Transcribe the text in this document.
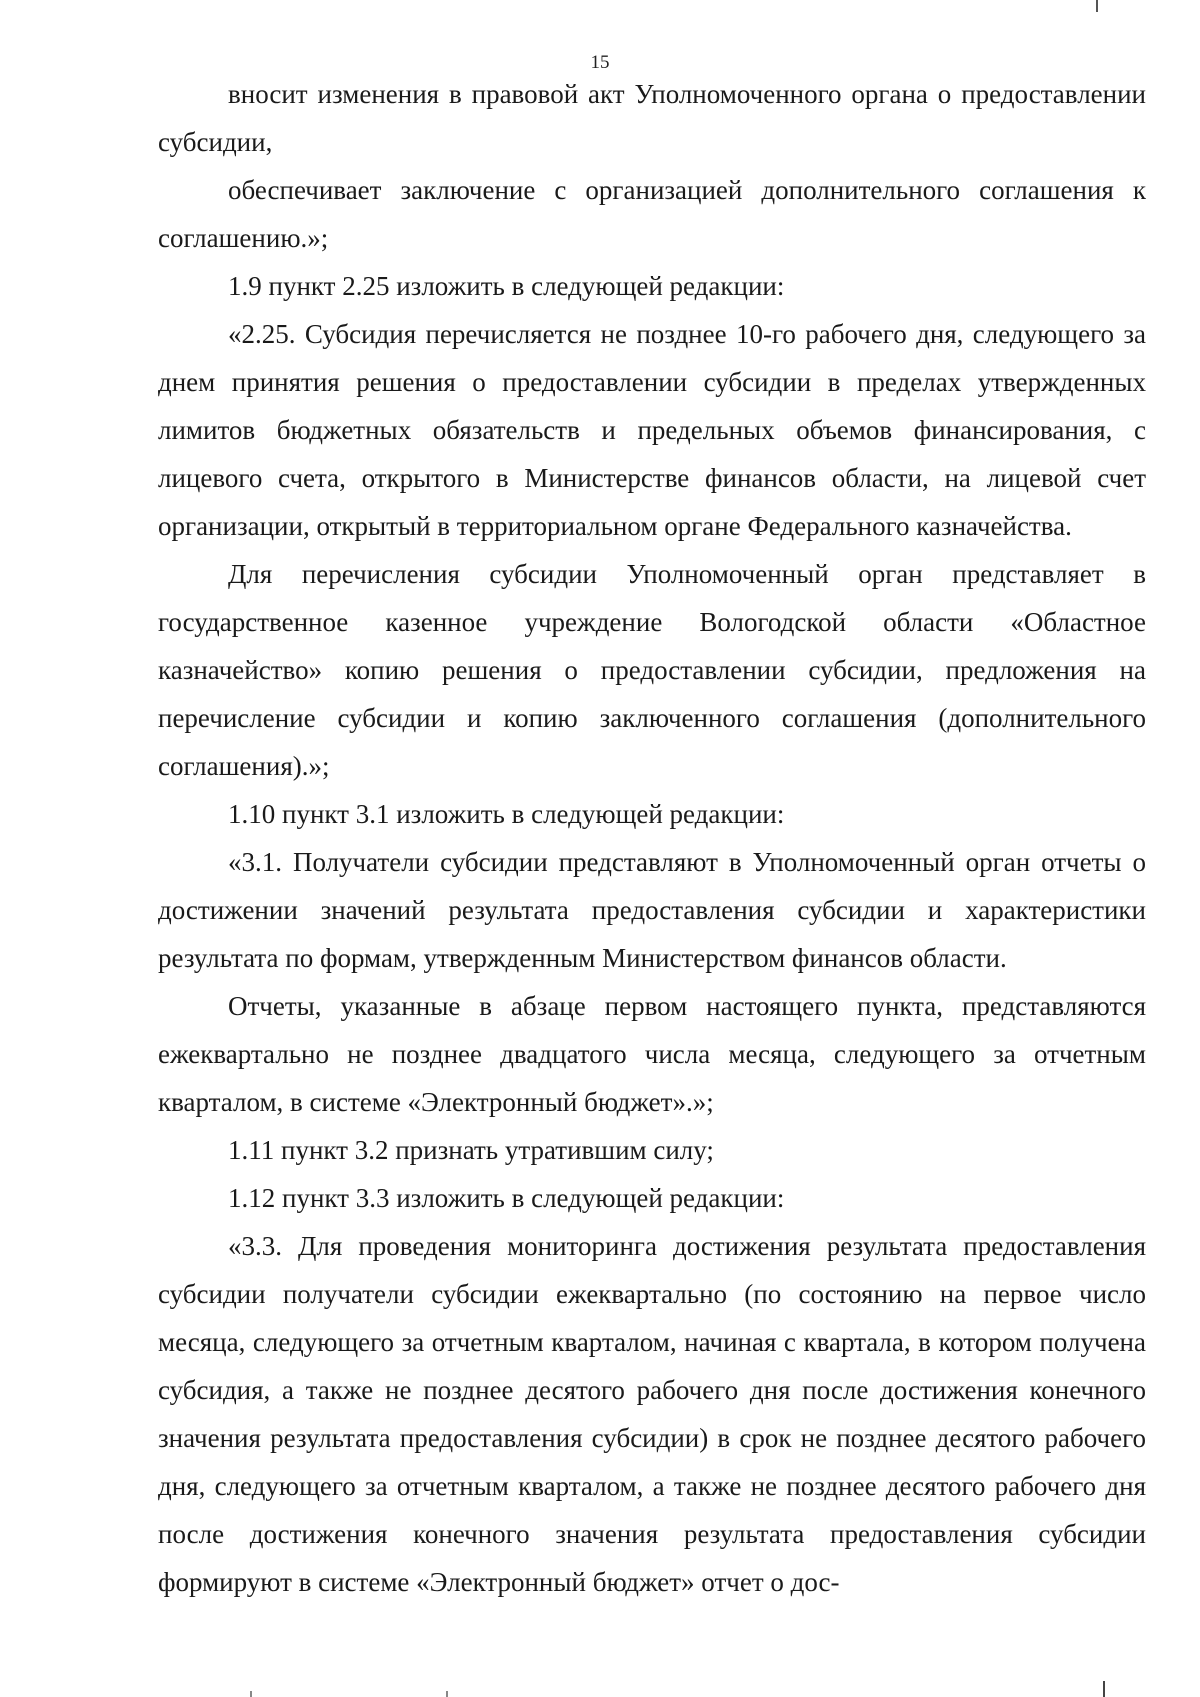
15

вносит изменения в правовой акт Уполномоченного органа о предоставлении субсидии,

обеспечивает заключение с организацией дополнительного соглашения к соглашению.»;

1.9 пункт 2.25 изложить в следующей редакции:

«2.25. Субсидия перечисляется не позднее 10-го рабочего дня, следующего за днем принятия решения о предоставлении субсидии в пределах утвержденных лимитов бюджетных обязательств и предельных объемов финансирования, с лицевого счета, открытого в Министерстве финансов области, на лицевой счет организации, открытый в территориальном органе Федерального казначейства.

Для перечисления субсидии Уполномоченный орган представляет в государственное казенное учреждение Вологодской области «Областное казначейство» копию решения о предоставлении субсидии, предложения на перечисление субсидии и копию заключенного соглашения (дополнительного соглашения).»;

1.10 пункт 3.1 изложить в следующей редакции:

«3.1. Получатели субсидии представляют в Уполномоченный орган отчеты о достижении значений результата предоставления субсидии и характеристики результата по формам, утвержденным Министерством финансов области.

Отчеты, указанные в абзаце первом настоящего пункта, представляются ежеквартально не позднее двадцатого числа месяца, следующего за отчетным кварталом, в системе «Электронный бюджет».»;

1.11 пункт 3.2 признать утратившим силу;

1.12 пункт 3.3 изложить в следующей редакции:

«3.3. Для проведения мониторинга достижения результата предоставления субсидии получатели субсидии ежеквартально (по состоянию на первое число месяца, следующего за отчетным кварталом, начиная с квартала, в котором получена субсидия, а также не позднее десятого рабочего дня после достижения конечного значения результата предоставления субсидии) в срок не позднее десятого рабочего дня, следующего за отчетным кварталом, а также не позднее десятого рабочего дня после достижения конечного значения результата предоставления субсидии формируют в системе «Электронный бюджет» отчет о дос-
